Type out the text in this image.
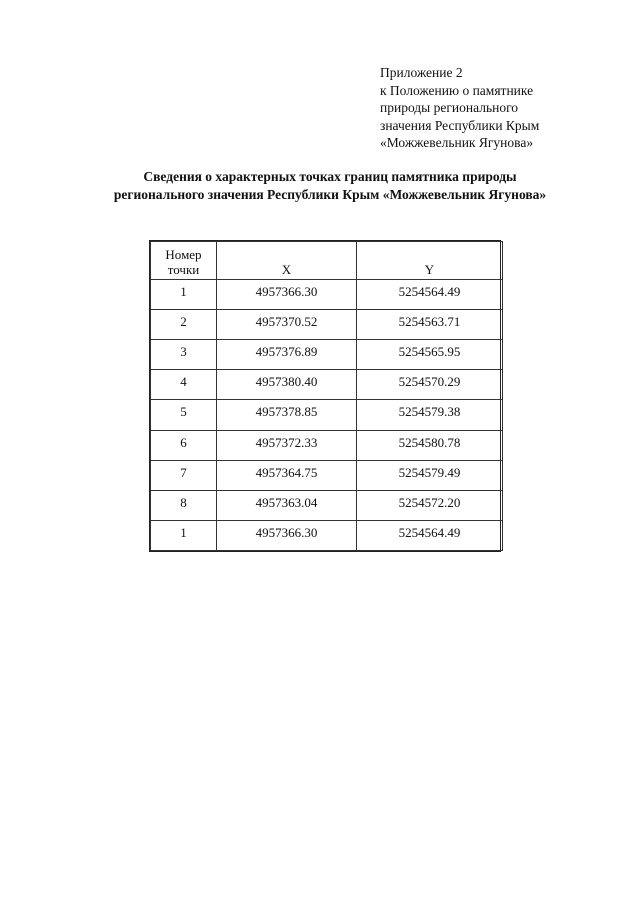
Приложение 2
к Положению о памятнике
природы регионального
значения Республики Крым
«Можжевельник Ягунова»
Сведения о характерных точках границ памятника природы
регионального значения Республики Крым «Можжевельник Ягунова»
Номер
точки	X	Y
1	4957366.30	5254564.49
2	4957370.52	5254563.71
3	4957376.89	5254565.95
4	4957380.40	5254570.29
5	4957378.85	5254579.38
6	4957372.33	5254580.78
7	4957364.75	5254579.49
8	4957363.04	5254572.20
1	4957366.30	5254564.49
